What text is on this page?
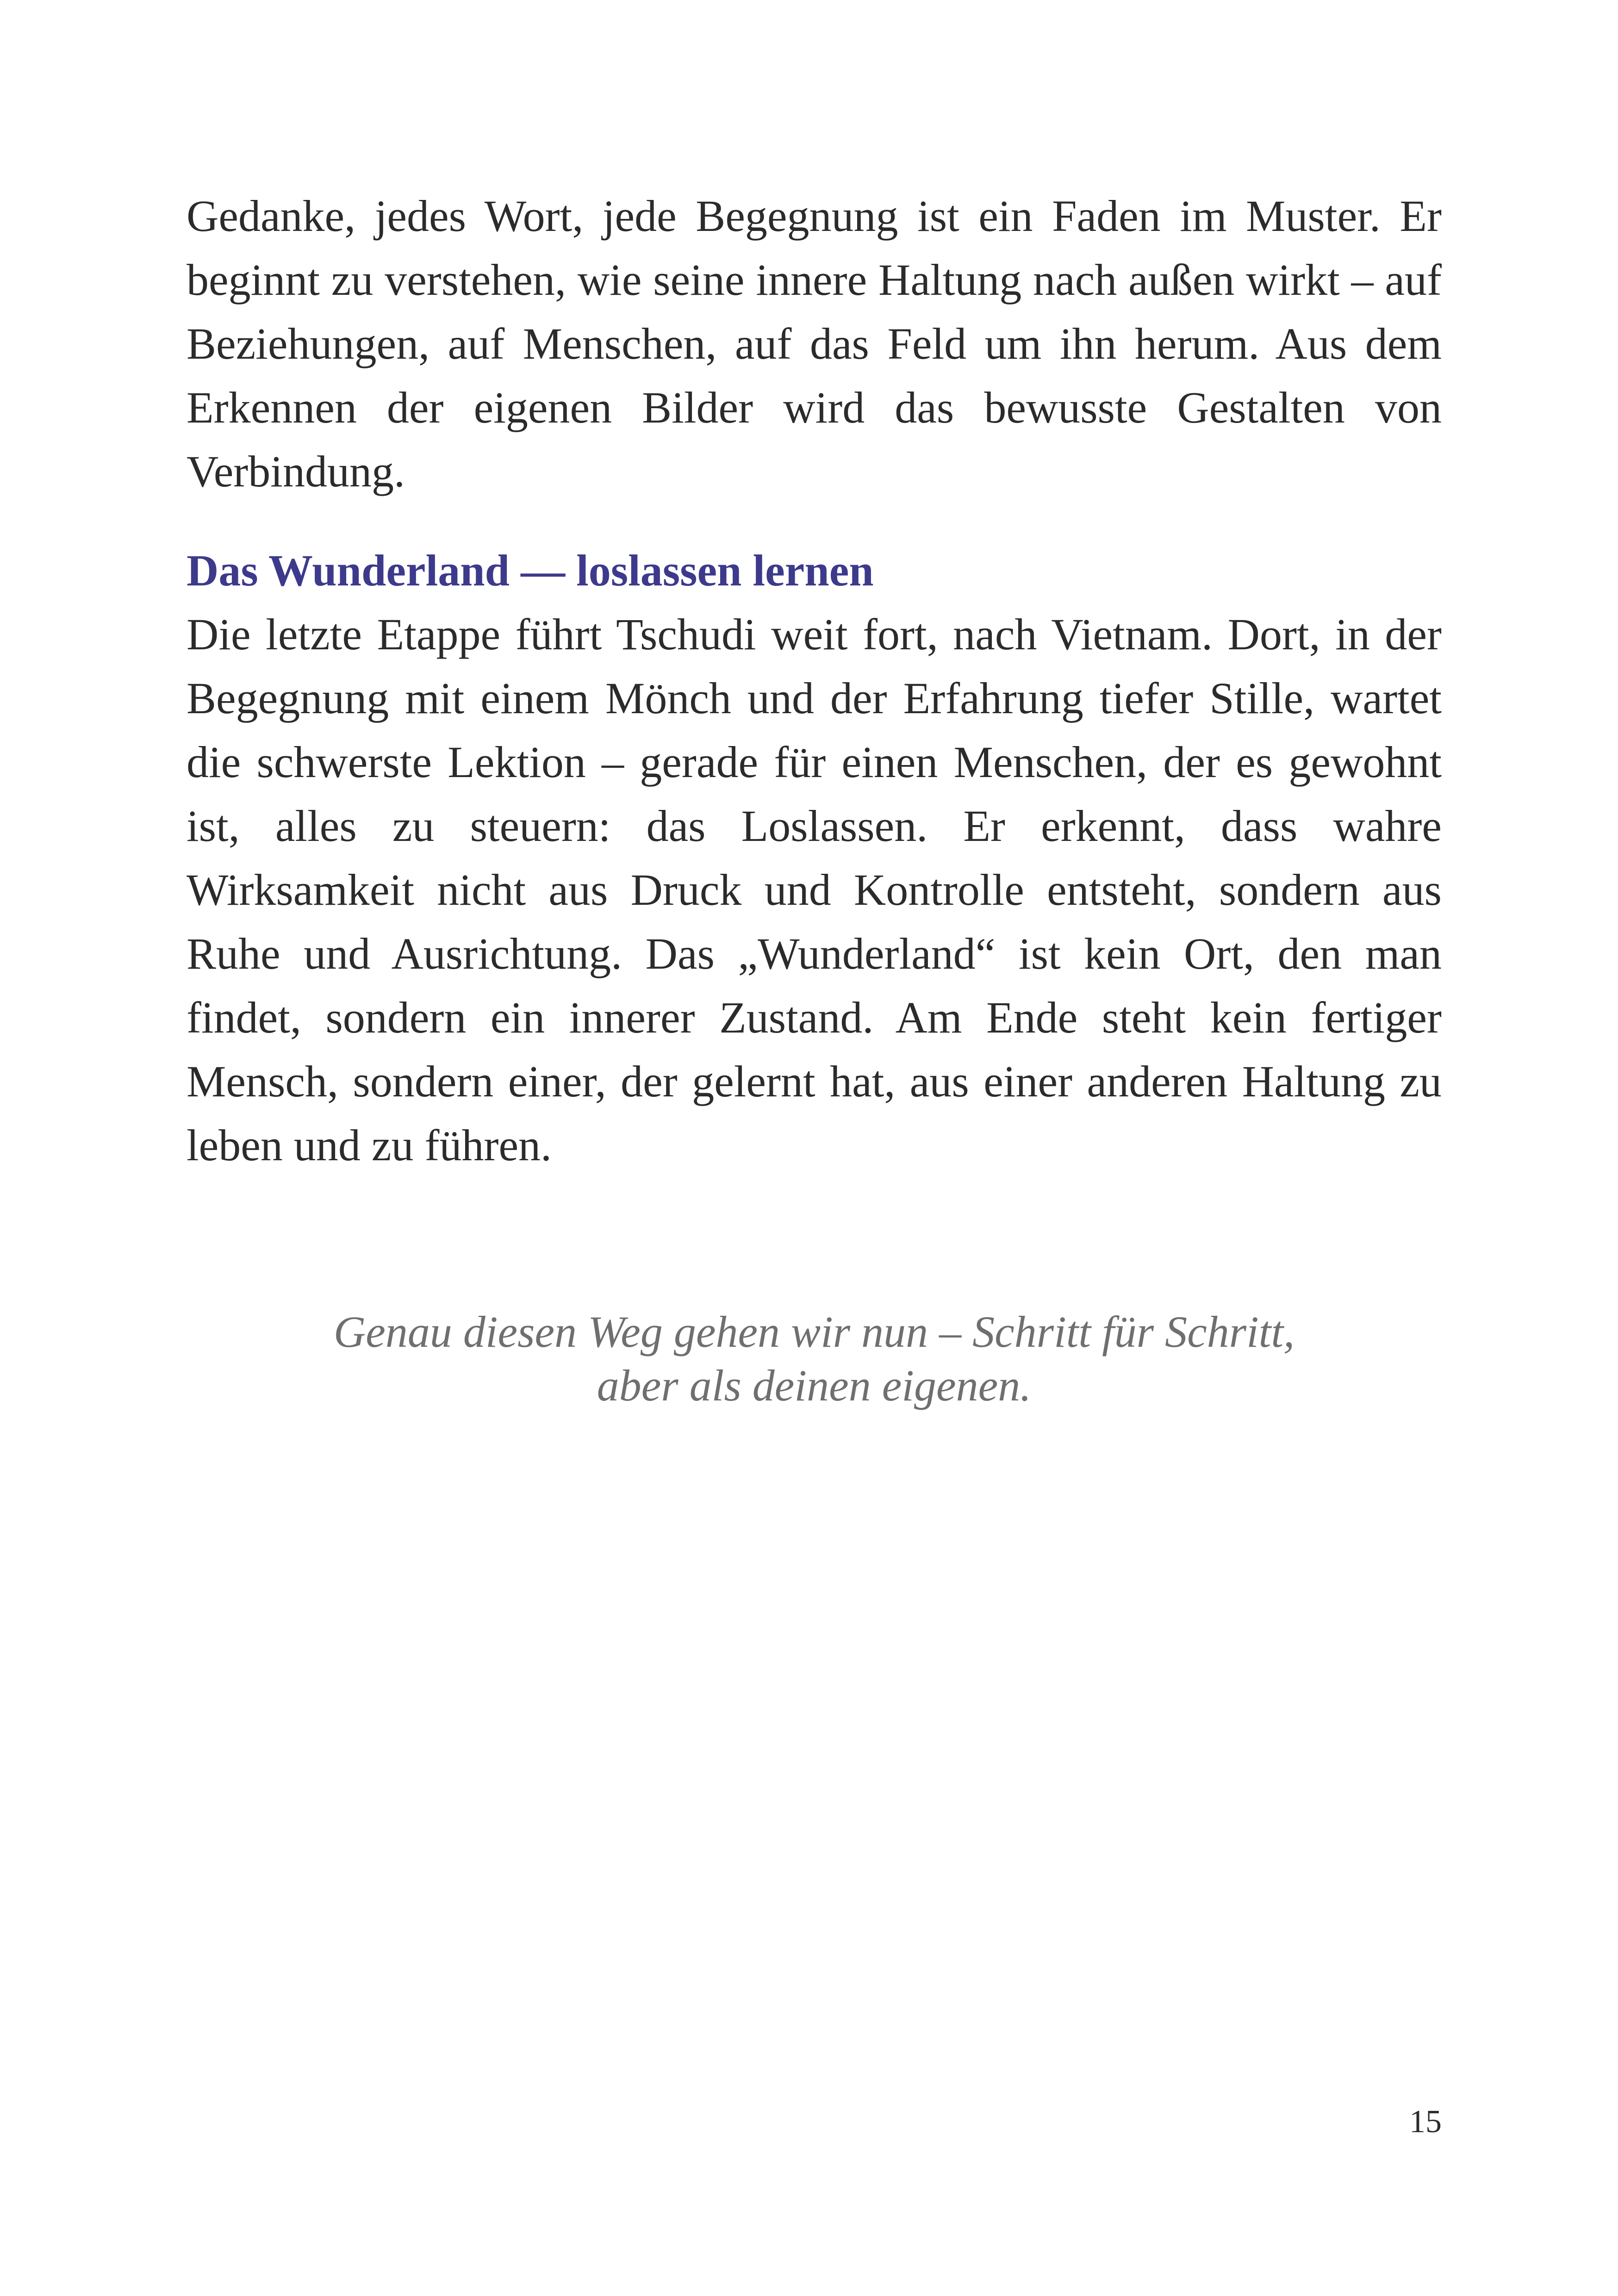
Gedanke, jedes Wort, jede Begegnung ist ein Faden im Muster. Er beginnt zu verstehen, wie seine innere Haltung nach außen wirkt – auf Beziehungen, auf Menschen, auf das Feld um ihn herum. Aus dem Erkennen der eigenen Bilder wird das bewusste Gestalten von Verbindung.

Das Wunderland — loslassen lernen

Die letzte Etappe führt Tschudi weit fort, nach Vietnam. Dort, in der Begegnung mit einem Mönch und der Erfahrung tiefer Stille, wartet die schwerste Lektion – gerade für einen Menschen, der es gewohnt ist, alles zu steuern: das Loslassen. Er erkennt, dass wahre Wirksamkeit nicht aus Druck und Kontrolle entsteht, sondern aus Ruhe und Ausrichtung. Das „Wunderland“ ist kein Ort, den man findet, sondern ein innerer Zustand. Am Ende steht kein fertiger Mensch, sondern einer, der gelernt hat, aus einer anderen Haltung zu leben und zu führen.

Genau diesen Weg gehen wir nun – Schritt für Schritt,
aber als deinen eigenen.
15
